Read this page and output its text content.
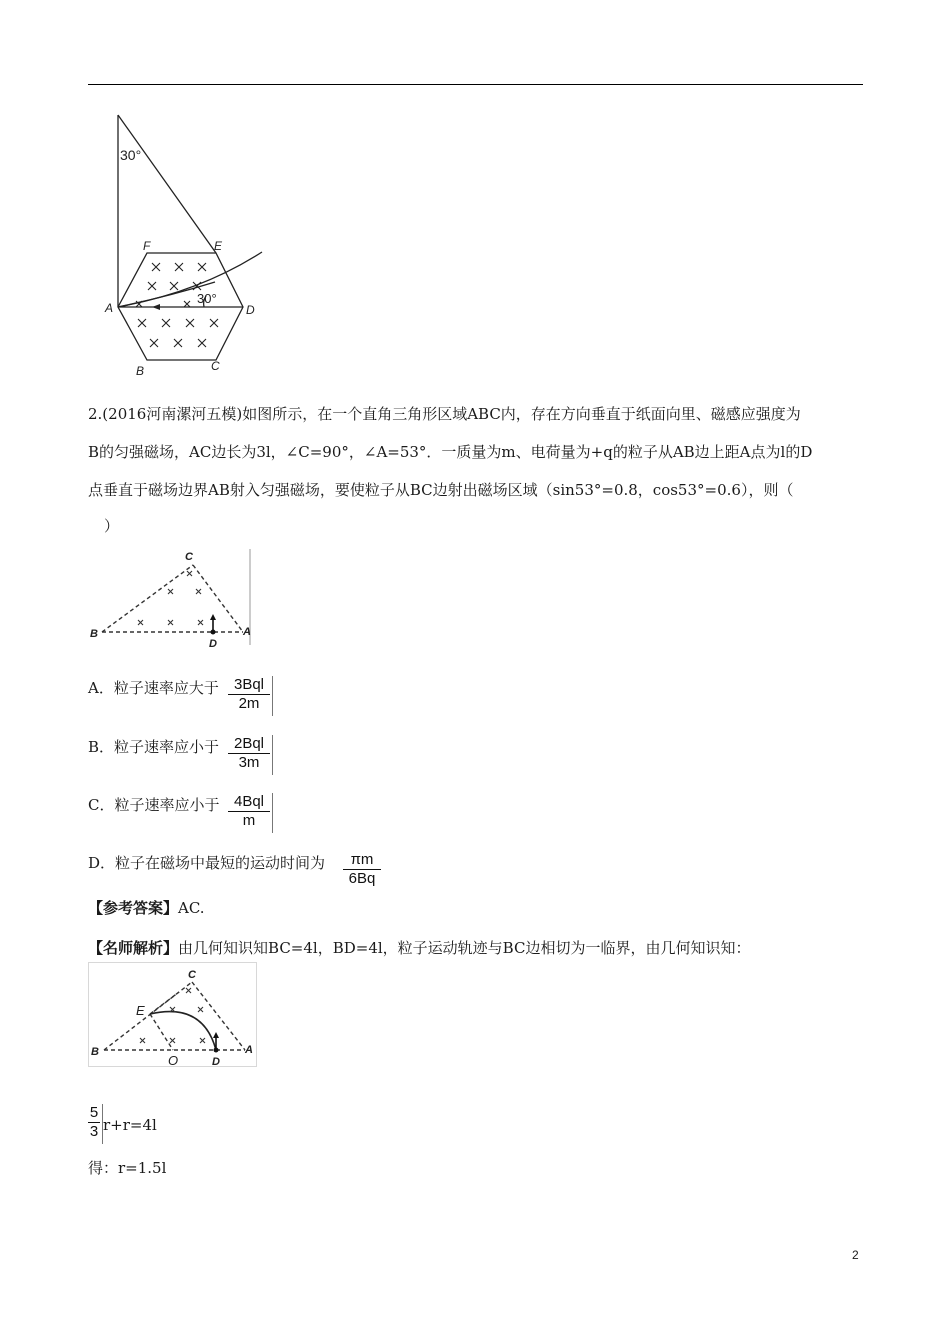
30°
30°
A
B	C
D
E
F
2.(2016河南漯河五模)如图所示，在一个直角三角形区域ABC内，存在方向垂直于纸面向里、磁感应强度为
B的匀强磁场，AC边长为3l，∠C=90°，∠A=53°．一质量为m、电荷量为+q的粒子从AB边上距A点为l的D
点垂直于磁场边界AB射入匀强磁场，要使粒子从BC边射出磁场区域（sin53°=0.8，cos53°=0.6），则（
）
C
B	A
D
A．粒子速率应大于	3Bql
2m
B．粒子速率应小于 2Bql
3m
C．粒子速率应小于 4Bql
m
D．粒子在磁场中最短的运动时间为	πm
6Bq
【参考答案】AC.
【名师解析】由几何知识知BC=4l，BD=4l，粒子运动轨迹与BC边相切为一临界，由几何知识知：
C
E
B
O	D
A
5
3 r+r=4l
得：r=1.5l
2
